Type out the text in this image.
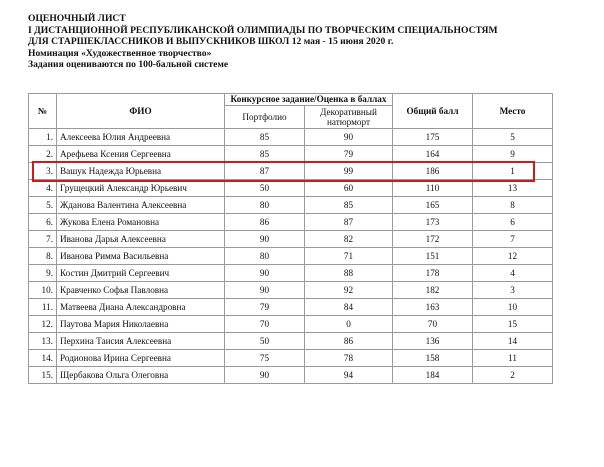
ОЦЕНОЧНЫЙ ЛИСТ
I ДИСТАНЦИОННОЙ РЕСПУБЛИКАНСКОЙ ОЛИМПИАДЫ ПО ТВОРЧЕСКИМ СПЕЦИАЛЬНОСТЯМ
ДЛЯ СТАРШЕКЛАССНИКОВ И ВЫПУСКНИКОВ ШКОЛ 12 мая - 15 июня 2020 г.
Номинация «Художественное творчество»
Задания оцениваются по 100-бальной системе
№	ФИО	Конкурсное задание/Оценка в баллах		Общий балл	Место
		Портфолио	Декоративный натюрморт		
1.	Алексеева Юлия Андреевна	85	90	175	5
2.	Арефьева Ксения Сергеевна	85	79	164	9
3.	Вашук Надежда Юрьевна	87	99	186	1
4.	Грущецкий Александр Юрьевич	50	60	110	13
5.	Жданова Валентина Алексеевна	80	85	165	8
6.	Жукова Елена Романовна	86	87	173	6
7.	Иванова Дарья Алексеевна	90	82	172	7
8.	Иванова Римма Васильевна	80	71	151	12
9.	Костин Дмитрий Сергеевич	90	88	178	4
10.	Кравченко Софья Павловна	90	92	182	3
11.	Матвеева Диана Александровна	79	84	163	10
12.	Паутова Мария Николаевна	70	0	70	15
13.	Перхина Таисия Алексеевна	50	86	136	14
14.	Родионова Ирина Сергеевна	75	78	158	11
15.	Щербакова Ольга Олеговна	90	94	184	2
